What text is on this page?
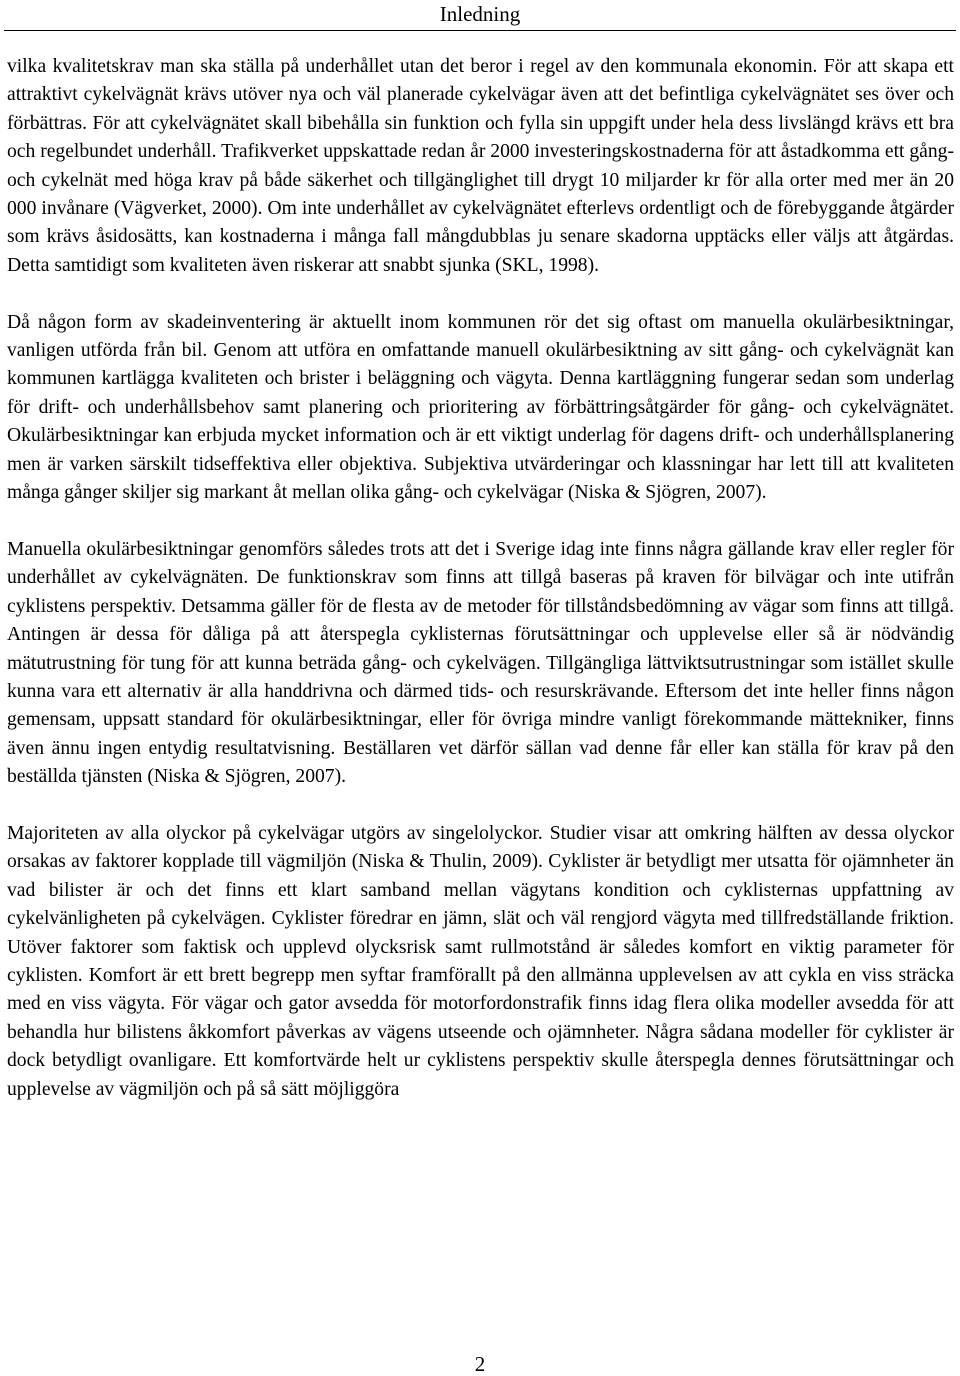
Inledning

vilka kvalitetskrav man ska ställa på underhållet utan det beror i regel av den kommunala ekonomin. För att skapa ett attraktivt cykelvägnät krävs utöver nya och väl planerade cykelvägar även att det befintliga cykelvägnätet ses över och förbättras. För att cykelvägnätet skall bibehålla sin funktion och fylla sin uppgift under hela dess livslängd krävs ett bra och regelbundet underhåll. Trafikverket uppskattade redan år 2000 investeringskostnaderna för att åstadkomma ett gång- och cykelnät med höga krav på både säkerhet och tillgänglighet till drygt 10 miljarder kr för alla orter med mer än 20 000 invånare (Vägverket, 2000). Om inte underhållet av cykelvägnätet efterlevs ordentligt och de förebyggande åtgärder som krävs åsidosätts, kan kostnaderna i många fall mångdubblas ju senare skadorna upptäcks eller väljs att åtgärdas. Detta samtidigt som kvaliteten även riskerar att snabbt sjunka (SKL, 1998).

Då någon form av skadeinventering är aktuellt inom kommunen rör det sig oftast om manuella okulärbesiktningar, vanligen utförda från bil. Genom att utföra en omfattande manuell okulärbesiktning av sitt gång- och cykelvägnät kan kommunen kartlägga kvaliteten och brister i beläggning och vägyta. Denna kartläggning fungerar sedan som underlag för drift- och underhållsbehov samt planering och prioritering av förbättringsåtgärder för gång- och cykelvägnätet. Okulärbesiktningar kan erbjuda mycket information och är ett viktigt underlag för dagens drift- och underhållsplanering men är varken särskilt tidseffektiva eller objektiva. Subjektiva utvärderingar och klassningar har lett till att kvaliteten många gånger skiljer sig markant åt mellan olika gång- och cykelvägar (Niska & Sjögren, 2007).

Manuella okulärbesiktningar genomförs således trots att det i Sverige idag inte finns några gällande krav eller regler för underhållet av cykelvägnäten. De funktionskrav som finns att tillgå baseras på kraven för bilvägar och inte utifrån cyklistens perspektiv. Detsamma gäller för de flesta av de metoder för tillståndsbedömning av vägar som finns att tillgå. Antingen är dessa för dåliga på att återspegla cyklisternas förutsättningar och upplevelse eller så är nödvändig mätutrustning för tung för att kunna beträda gång- och cykelvägen. Tillgängliga lättviktsutrustningar som istället skulle kunna vara ett alternativ är alla handdrivna och därmed tids- och resurskrävande. Eftersom det inte heller finns någon gemensam, uppsatt standard för okulärbesiktningar, eller för övriga mindre vanligt förekommande mättekniker, finns även ännu ingen entydig resultatvisning. Beställaren vet därför sällan vad denne får eller kan ställa för krav på den beställda tjänsten (Niska & Sjögren, 2007).

Majoriteten av alla olyckor på cykelvägar utgörs av singelolyckor. Studier visar att omkring hälften av dessa olyckor orsakas av faktorer kopplade till vägmiljön (Niska & Thulin, 2009). Cyklister är betydligt mer utsatta för ojämnheter än vad bilister är och det finns ett klart samband mellan vägytans kondition och cyklisternas uppfattning av cykelvänligheten på cykelvägen. Cyklister föredrar en jämn, slät och väl rengjord vägyta med tillfredställande friktion. Utöver faktorer som faktisk och upplevd olycksrisk samt rullmotstånd är således komfort en viktig parameter för cyklisten. Komfort är ett brett begrepp men syftar framförallt på den allmänna upplevelsen av att cykla en viss sträcka med en viss vägyta. För vägar och gator avsedda för motorfordonstrafik finns idag flera olika modeller avsedda för att behandla hur bilistens åkkomfort påverkas av vägens utseende och ojämnheter. Några sådana modeller för cyklister är dock betydligt ovanligare. Ett komfortvärde helt ur cyklistens perspektiv skulle återspegla dennes förutsättningar och upplevelse av vägmiljön och på så sätt möjliggöra

2
